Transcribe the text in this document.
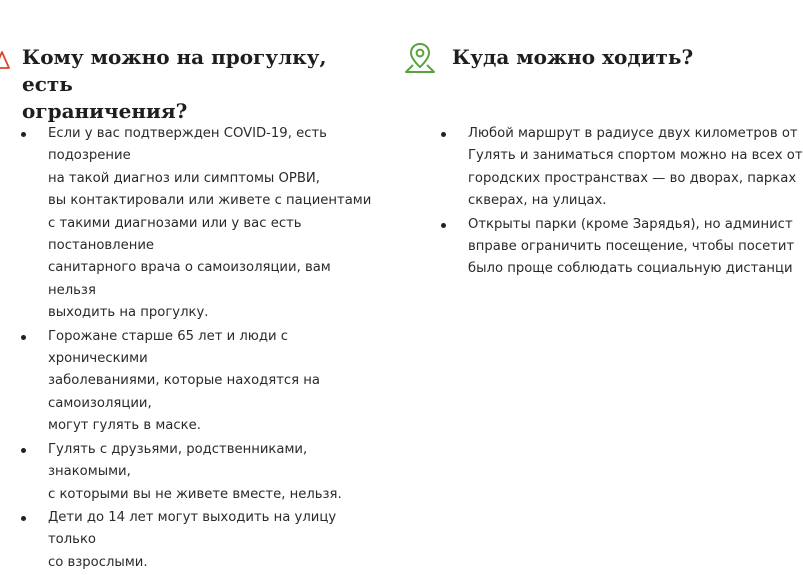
Кому можно на прогулку, есть
ограничения?
Если у вас подтвержден COVID-19, есть подозрение
на такой диагноз или симптомы ОРВИ,
вы контактировали или живете с пациентами
с такими диагнозами или у вас есть постановление
санитарного врача о самоизоляции, вам нельзя
выходить на прогулку.
Горожане старше 65 лет и люди с хроническими
заболеваниями, которые находятся на самоизоляции,
могут гулять в маске.
Гулять с друзьями, родственниками, знакомыми,
с которыми вы не живете вместе, нельзя.
Дети до 14 лет могут выходить на улицу только
со взрослыми.
Куда можно ходить?
Любой маршрут в радиусе двух километров от
Гулять и заниматься спортом можно на всех от
городских пространствах — во дворах, парках
скверах, на улицах.
Открыты парки (кроме Зарядья), но админист
вправе ограничить посещение, чтобы посетит
было проще соблюдать социальную дистанци
